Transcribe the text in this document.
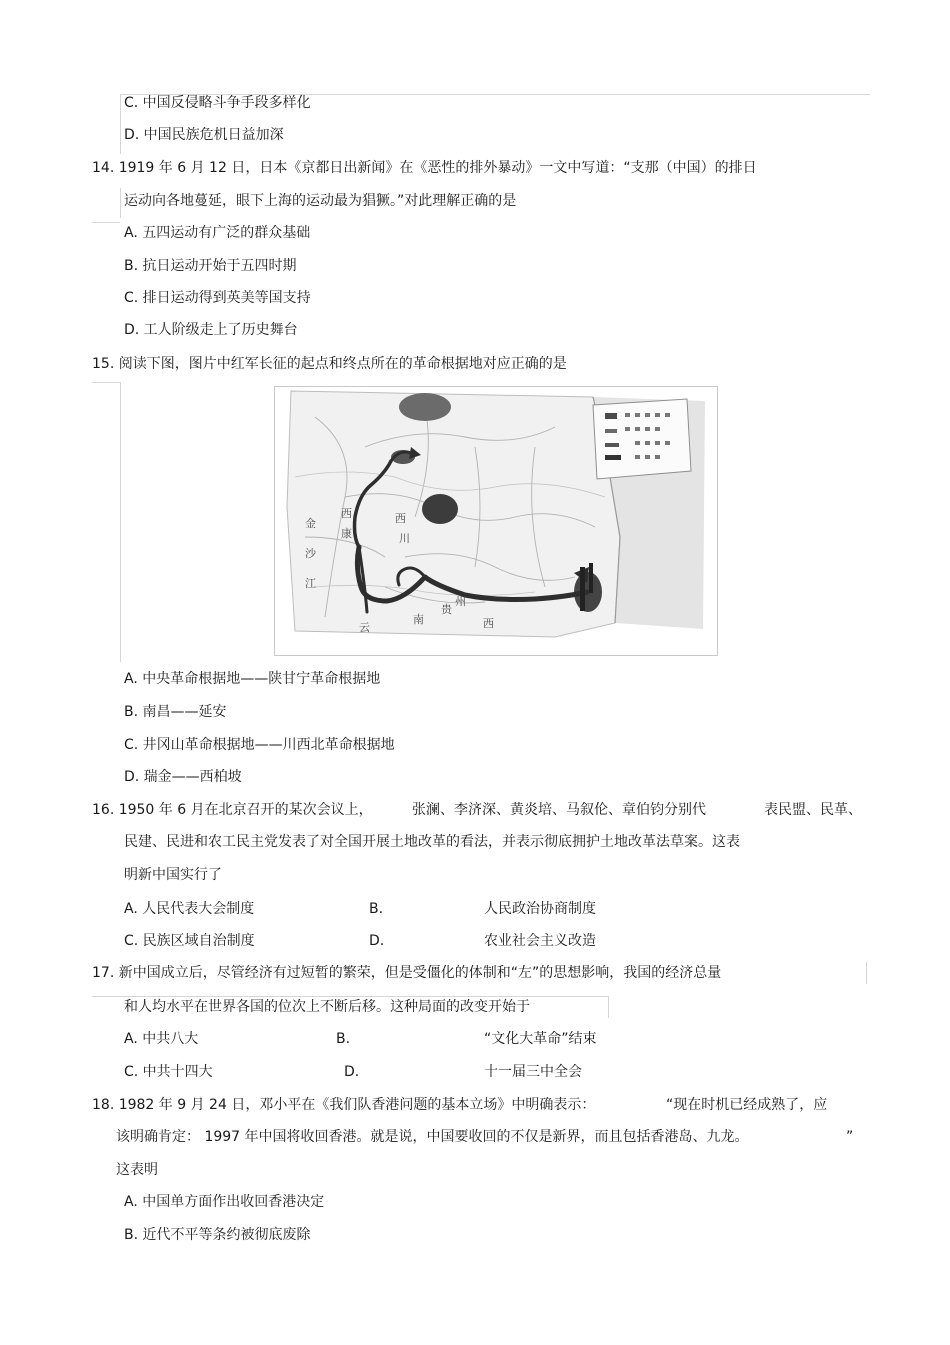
C. 中国反侵略斗争手段多样化
D. 中国民族危机日益加深
14. 1919 年 6 月 12 日，日本《京都日出新闻》在《恶性的排外暴动》一文中写道：“支那（中国）的排日
运动向各地蔓延，眼下上海的运动最为猖獗。”对此理解正确的是
A. 五四运动有广泛的群众基础
B. 抗日运动开始于五四时期
C. 排日运动得到英美等国支持
D. 工人阶级走上了历史舞台
15. 阅读下图，图片中红军长征的起点和终点所在的革命根据地对应正确的是
西
康
西
川
贵
州
南	西
云
金
沙
江
A. 中央革命根据地——陕甘宁革命根据地
B. 南昌——延安
C. 井冈山革命根据地——川西北革命根据地
D. 瑞金——西柏坡
16. 1950 年 6 月在北京召开的某次会议上，	张澜、李济深、黄炎培、马叙伦、章伯钧分别代	表民盟、民革、
民建、民进和农工民主党发表了对全国开展土地改革的看法，并表示彻底拥护土地改革法草案。这表
明新中国实行了
A. 人民代表大会制度	B.	人民政治协商制度
C. 民族区域自治制度	D.	农业社会主义改造
17. 新中国成立后，尽管经济有过短暂的繁荣，但是受僵化的体制和“左”的思想影响，我国的经济总量
和人均水平在世界各国的位次上不断后移。这种局面的改变开始于
A. 中共八大	B.	“文化大革命”结束
C. 中共十四大	D.	十一届三中全会
18. 1982 年 9 月 24 日，邓小平在《我们队香港问题的基本立场》中明确表示：	“现在时机已经成熟了，应
该明确肯定： 1997 年中国将收回香港。就是说，中国要收回的不仅是新界，而且包括香港岛、九龙。	”
这表明
A. 中国单方面作出收回香港决定
B. 近代不平等条约被彻底废除
